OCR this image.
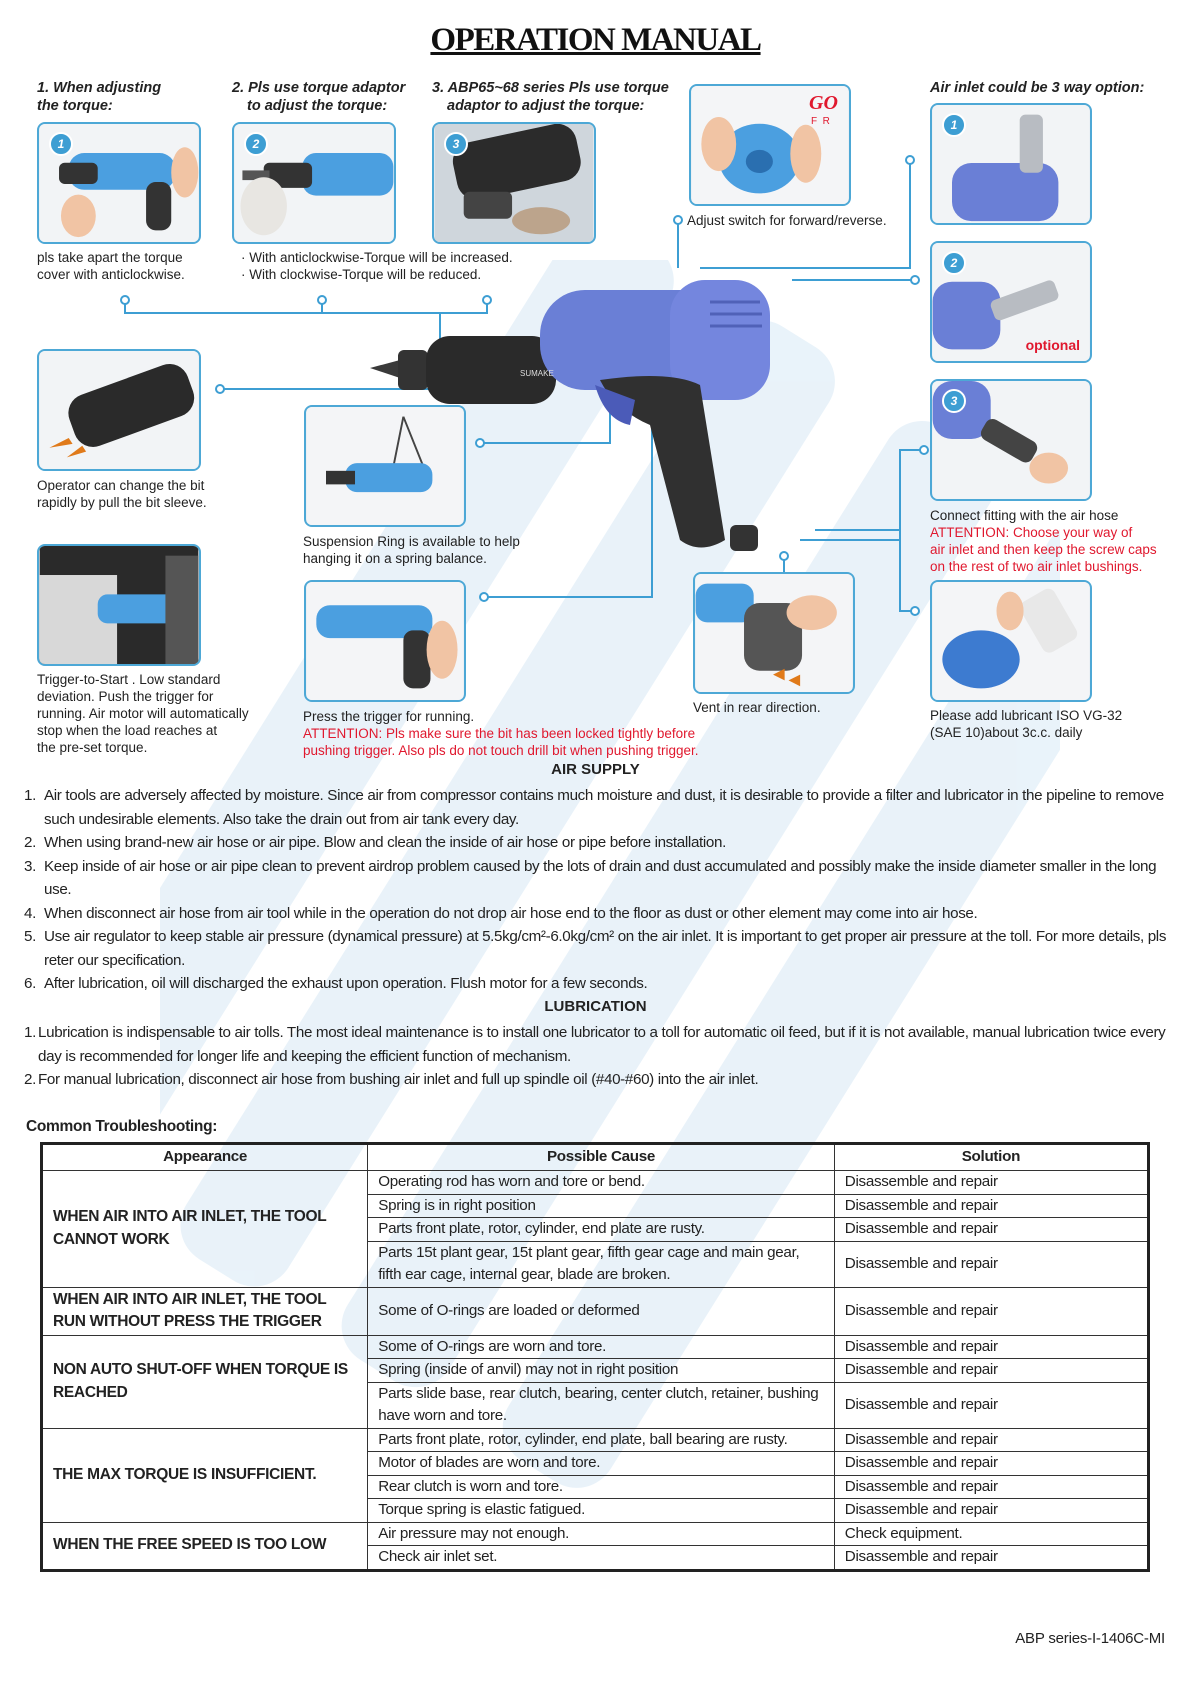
OPERATION MANUAL
1. When adjusting
the torque:
2. Pls use torque adaptor
to adjust the torque:
3. ABP65~68 series Pls use torque
adaptor to adjust the torque:
Air inlet could be 3 way option:
1	2	3
GO
F  R
Adjust switch for forward/reverse.
pls take apart the torque
cover with anticlockwise.
· With anticlockwise-Torque will be increased.
· With clockwise-Torque will be reduced.
SUMAKE
1
2
optional
3
Connect fitting with the air hose
ATTENTION: Choose your way of
air inlet and then keep the screw caps
on the rest of two air inlet bushings.
Operator can change the bit
rapidly by pull the bit sleeve.
Suspension Ring is available to help
hanging it on a spring balance.
Trigger-to-Start . Low standard
deviation. Push the trigger for
running. Air motor will automatically
stop when the load reaches at
the pre-set torque.
Press the trigger for running.
ATTENTION: Pls make sure the bit has been locked tightly before
pushing trigger. Also pls do not touch drill bit when pushing trigger.
Vent in rear direction.
Please add lubricant ISO VG-32
(SAE 10)about 3c.c. daily
AIR SUPPLY
1. Air tools are adversely affected by moisture. Since air from compressor contains much moisture and dust, it is desirable to provide a filter and lubricator in the pipeline to remove such undesirable elements. Also take the drain out from air tank every day.
2. When using brand-new air hose or air pipe. Blow and clean the inside of air hose or pipe before installation.
3. Keep inside of air hose or air pipe clean to prevent airdrop problem caused by the lots of drain and dust accumulated and possibly make the inside diameter smaller in the long use.
4. When disconnect air hose from air tool while in the operation do not drop air hose end to the floor as dust or other element may come into air hose.
5. Use air regulator to keep stable air pressure (dynamical pressure) at 5.5kg/cm²-6.0kg/cm² on the air inlet. It is important to get proper air pressure at the toll. For more details, pls reter our specification.
6. After lubrication, oil will discharged the exhaust upon operation. Flush motor for a few seconds.
LUBRICATION
1. Lubrication is indispensable to air tolls. The most ideal maintenance is to install one lubricator to a toll for automatic oil feed, but if it is not available, manual lubrication twice every day is recommended for longer life and keeping the efficient function of mechanism.
2. For manual lubrication, disconnect air hose from bushing air inlet and full up spindle oil (#40-#60) into the air inlet.
Common Troubleshooting:
Appearance	Possible Cause	Solution
WHEN AIR INTO AIR INLET, THE TOOL CANNOT WORK	Operating rod has worn and tore or bend.	Disassemble and repair
	Spring is in right position	Disassemble and repair
	Parts front plate, rotor, cylinder, end plate are rusty.	Disassemble and repair
	Parts 15t plant gear, 15t plant gear, fifth gear cage and main gear, fifth ear cage, internal gear, blade are broken.	Disassemble and repair
WHEN AIR INTO AIR INLET, THE TOOL RUN WITHOUT PRESS THE TRIGGER	Some of O-rings are loaded or deformed	Disassemble and repair
NON AUTO SHUT-OFF WHEN TORQUE IS REACHED	Some of O-rings are worn and tore.	Disassemble and repair
	Spring (inside of anvil) may not in right position	Disassemble and repair
	Parts slide base, rear clutch, bearing, center clutch, retainer, bushing have worn and tore.	Disassemble and repair
THE MAX TORQUE IS INSUFFICIENT.	Parts front plate, rotor, cylinder, end plate, ball bearing are rusty.	Disassemble and repair
	Motor of blades are worn and tore.	Disassemble and repair
	Rear clutch is worn and tore.	Disassemble and repair
	Torque spring is elastic fatigued.	Disassemble and repair
WHEN THE FREE SPEED IS TOO LOW	Air pressure may not enough.	Check equipment.
	Check air inlet set.	Disassemble and repair
ABP series-I-1406C-MI
